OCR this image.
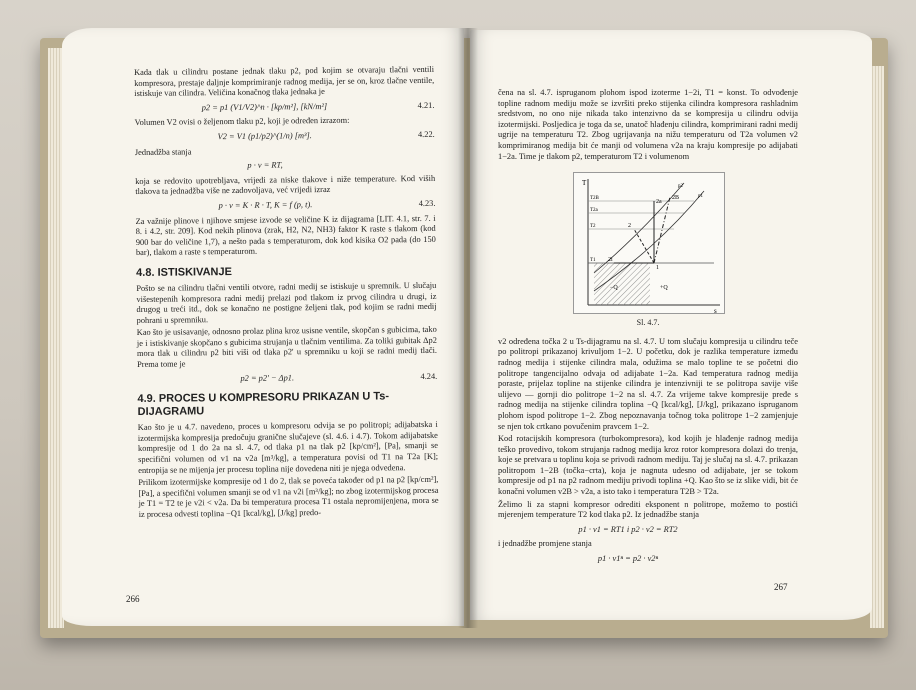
Kada tlak u cilindru postane jednak tlaku p2, pod kojim se otvaraju tlačni ventili kompresora, prestaje daljnje komprimiranje radnog medija, jer se on, kroz tlačne ventile, istiskuje van cilindra. Veličina konačnog tlaka jednaka je

p2 = p1 (V1/V2)^n · [kp/m²], [kN/m²]	4.21.

Volumen V2 ovisi o željenom tlaku p2, koji je određen izrazom:

V2 = V1 (p1/p2)^(1/n) [m³].	4.22.

Jednadžba stanja

p · v = RT,

koja se redovito upotrebljava, vrijedi za niske tlakove i niže temperature. Kod viših tlakova ta jednadžba više ne zadovoljava, već vrijedi izraz

p · v = K · R · T, K = f (p, t).	4.23.

Za važnije plinove i njihove smjese izvode se veličine K iz dijagrama [LIT. 4.1, str. 7. i 8. i 4.2, str. 209]. Kod nekih plinova (zrak, H2, N2, NH3) faktor K raste s tlakom (kod 900 bar do veličine 1,7), a nešto pada s temperaturom, dok kod kisika O2 pada (do 150 bar), tlakom a raste s temperaturom.

4.8. ISTISKIVANJE

Pošto se na cilindru tlačni ventili otvore, radni medij se istiskuje u spremnik. U slučaju višestepenih kompresora radni medij prelazi pod tlakom iz prvog cilindra u drugi, iz drugog u treći itd., dok se konačno ne postigne željeni tlak, pod kojim se radni medij pohrani u spremniku.

Kao što je usisavanje, odnosno prolaz plina kroz usisne ventile, skopčan s gubicima, tako je i istiskivanje skopčano s gubicima strujanja u tlačnim ventilima. Za toliki gubitak Δp2 mora tlak u cilindru p2 biti viši od tlaka p2' u spremniku u koji se radni medij tlači. Prema tome je

p2 = p2' − Δp1.	4.24.
4.9. PROCES U KOMPRESORU PRIKAZAN U Ts-DIJAGRAMU

Kao što je u 4.7. navedeno, proces u kompresoru odvija se po politropi; adijabatska i izotermijska kompresija predočuju granične slučajeve (sl. 4.6. i 4.7). Tokom adijabatske kompresije od 1 do 2a na sl. 4.7, od tlaka p1 na tlak p2 [kp/cm²], [Pa], smanji se specifični volumen od v1 na v2a [m³/kg], a temperatura povisi od T1 na T2a [K]; entropija se ne mijenja jer procesu toplina nije dovedena niti je njega odvedena.

Prilikom izotermijske kompresije od 1 do 2, tlak se poveća također od p1 na p2 [kp/cm²], [Pa], a specifični volumen smanji se od v1 na v2i [m³/kg]; no zbog izotermijskog procesa je T1 = T2 te je v2i < v2a. Da bi temperatura procesa T1 ostala nepromijenjena, mora se iz procesa odvesti toplina −Q1 [kcal/kg], [J/kg] predo-

266

čena na sl. 4.7. ispruganom plohom ispod izoterme 1−2i, T1 = konst. To odvođenje topline radnom mediju može se izvršiti preko stijenka cilindra kompresora rashladnim sredstvom, no ono nije nikada tako intenzivno da se kompresija u cilindru odvija izotermijski. Posljedica je toga da se, unatoč hlađenju cilindra, komprimirani radni medij ugrije na temperaturu T2. Zbog ugrijavanja na nižu temperaturu od T2a volumen v2 komprimiranog medija bit će manji od volumena v2a na kraju kompresije po adijabati 1−2a. Time je tlakom p2, temperaturom T2 i volumenom

T
s
T2B
T2a
T2
T1
p1
p2
1
2
2a
2B
2i
−Q	+Q
Sl. 4.7.

v2 određena točka 2 u Ts-dijagramu na sl. 4.7. U tom slučaju kompresija u cilindru teče po politropi prikazanoj krivuljom 1−2. U početku, dok je razlika temperature između radnog medija i stijenke cilindra mala, odužima se malo topline te se početni dio politrope tangencijalno odvaja od adijabate 1−2a. Kad temperatura radnog medija poraste, prijelaz topline na stijenke cilindra je intenzivniji te se politropa savije više ulijevo — gornji dio politrope 1−2 na sl. 4.7. Za vrijeme takve kompresije pređe s radnog medija na stijenke cilindra toplina −Q [kcal/kg], [J/kg], prikazano ispruganom plohom ispod politrope 1−2. Zbog nepoznavanja točnog toka politrope 1−2 zamjenjuje se njen tok crtkano povučenim pravcem 1−2.

Kod rotacijskih kompresora (turbokompresora), kod kojih je hlađenje radnog medija teško provedivo, tokom strujanja radnog medija kroz rotor kompresora dolazi do trenja, koje se pretvara u toplinu koja se privodi radnom mediju. Taj je slučaj na sl. 4.7. prikazan politropom 1−2B (točka−crta), koja je nagnuta udesno od adijabate, jer se tokom kompresije od p1 na p2 radnom mediju privodi toplina +Q. Kao što se iz slike vidi, bit će konačni volumen v2B > v2a, a isto tako i temperatura T2B > T2a.

Želimo li za stapni kompresor odrediti eksponent n politrope, možemo to postići mjerenjem temperature T2 kod tlaka p2. Iz jednadžbe stanja

p1 · v1 = RT1 i p2 · v2 = RT2

i jednadžbe promjene stanja

p1 · v1ⁿ = p2 · v2ⁿ
267
